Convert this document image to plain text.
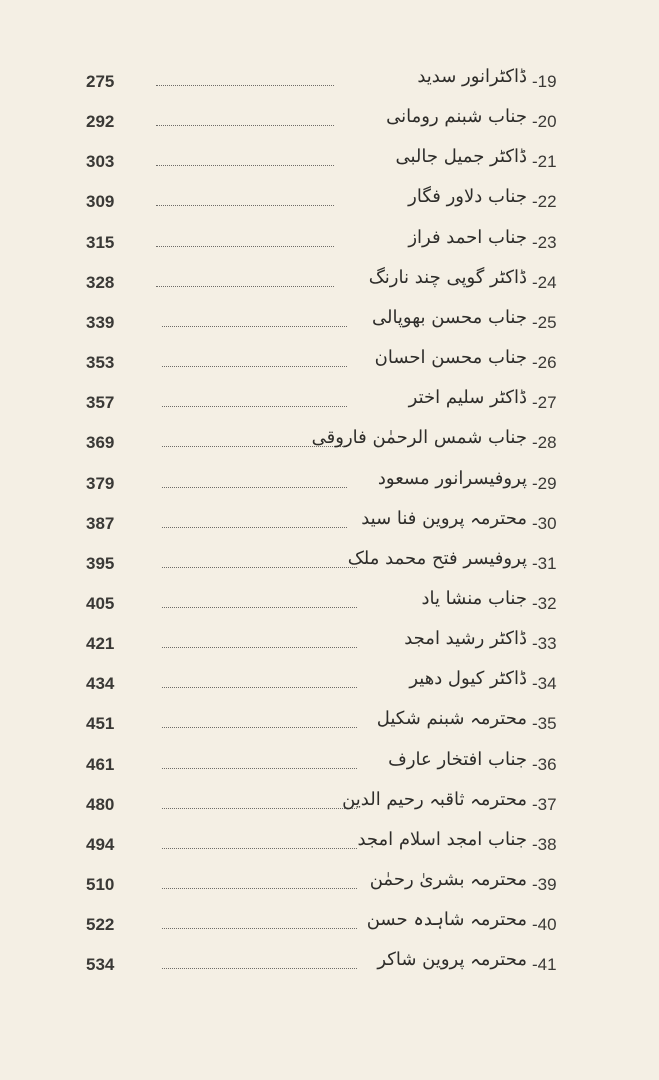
275	ڈاکٹرانور سدید -19
292	جناب شبنم رومانی -20
303	ڈاکٹر جمیل جالبی -21
309	جناب دلاور فگار -22
315	جناب احمد فراز -23
328	ڈاکٹر گوپی چند نارنگ -24
339	جناب محسن بھوپالی -25
353	جناب محسن احسان -26
357	ڈاکٹر سلیم اختر -27
369	جناب شمس الرحمٰن فاروقی -28
379	پروفیسرانور مسعود -29
387	محترمہ پروین فنا سید -30
395	پروفیسر فتح محمد ملک -31
405	جناب منشا یاد -32
421	ڈاکٹر رشید امجد -33
434	ڈاکٹر کیول دھیر -34
451	محترمہ شبنم شکیل -35
461	جناب افتخار عارف -36
480	محترمہ ثاقبہ رحیم الدین -37
494	جناب امجد اسلام امجد -38
510	محترمہ بشریٰ رحمٰن -39
522	محترمہ شاہدہ حسن -40
534	محترمہ پروین شاکر -41
